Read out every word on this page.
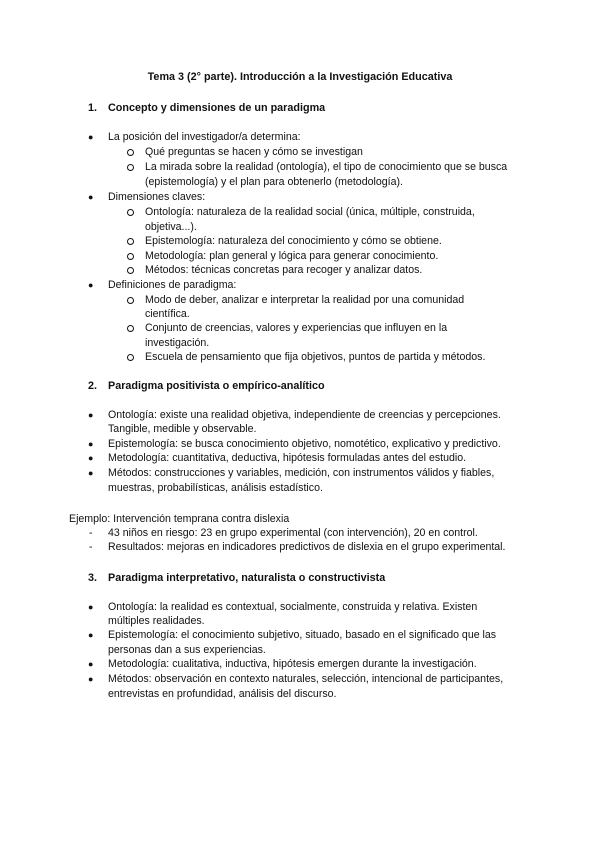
Tema 3 (2° parte). Introducción a la Investigación Educativa
1. Concepto y dimensiones de un paradigma
● La posición del investigador/a determina:
Qué preguntas se hacen y cómo se investigan
La mirada sobre la realidad (ontología), el tipo de conocimiento que se busca
(epistemología) y el plan para obtenerlo (metodología).
● Dimensiones claves:
Ontología: naturaleza de la realidad social (única, múltiple, construida,
objetiva...).
Epistemología: naturaleza del conocimiento y cómo se obtiene.
Metodología: plan general y lógica para generar conocimiento.
Métodos: técnicas concretas para recoger y analizar datos.
● Definiciones de paradigma:
Modo de deber, analizar e interpretar la realidad por una comunidad
científica.
Conjunto de creencias, valores y experiencias que influyen en la
investigación.
Escuela de pensamiento que fija objetivos, puntos de partida y métodos.
2. Paradigma positivista o empírico-analítico
● Ontología: existe una realidad objetiva, independiente de creencias y percepciones.
Tangible, medible y observable.
● Epistemología: se busca conocimiento objetivo, nomotético, explicativo y predictivo.
● Metodología: cuantitativa, deductiva, hipótesis formuladas antes del estudio.
● Métodos: construcciones y variables, medición, con instrumentos válidos y fiables,
muestras, probabilísticas, análisis estadístico.
Ejemplo: Intervención temprana contra dislexia
- 43 niños en riesgo: 23 en grupo experimental (con intervención), 20 en control.
- Resultados: mejoras en indicadores predictivos de dislexia en el grupo experimental.
3. Paradigma interpretativo, naturalista o constructivista
● Ontología: la realidad es contextual, socialmente, construida y relativa. Existen
múltiples realidades.
● Epistemología: el conocimiento subjetivo, situado, basado en el significado que las
personas dan a sus experiencias.
● Metodología: cualitativa, inductiva, hipótesis emergen durante la investigación.
● Métodos: observación en contexto naturales, selección, intencional de participantes,
entrevistas en profundidad, análisis del discurso.
